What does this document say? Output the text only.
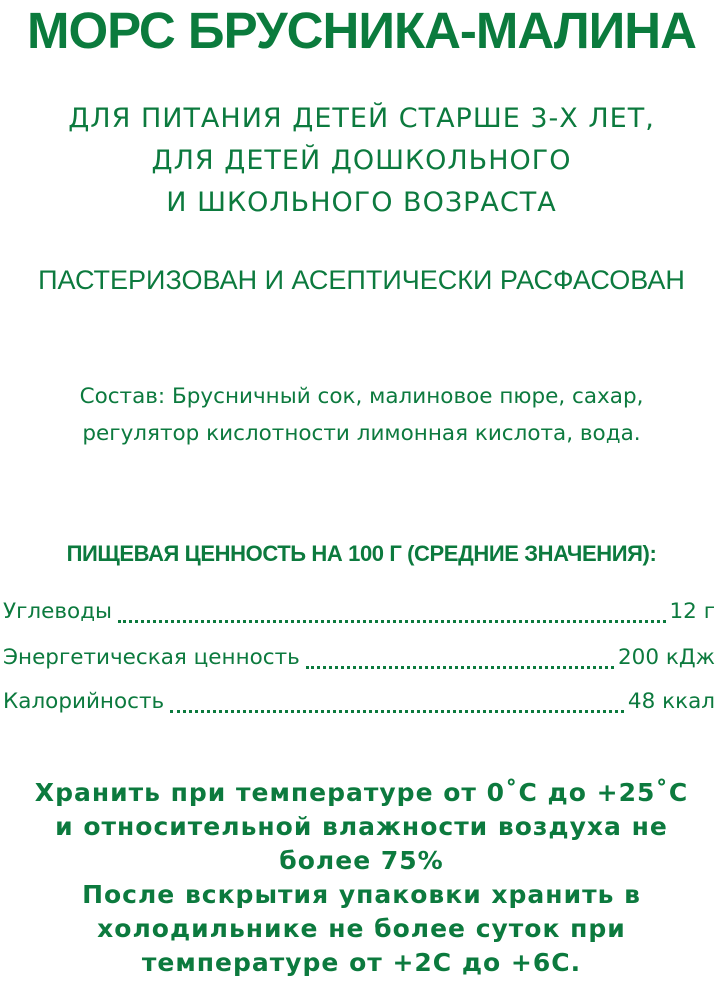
МОРС БРУСНИКА-МАЛИНА
ДЛЯ ПИТАНИЯ ДЕТЕЙ СТАРШЕ 3-Х ЛЕТ,
ДЛЯ ДЕТЕЙ ДОШКОЛЬНОГО
И ШКОЛЬНОГО ВОЗРАСТА
ПАСТЕРИЗОВАН И АСЕПТИЧЕСКИ РАСФАСОВАН
Состав: Брусничный сок, малиновое пюре, сахар,
регулятор кислотности лимонная кислота, вода.
ПИЩЕВАЯ ЦЕННОСТЬ НА 100 Г (СРЕДНИЕ ЗНАЧЕНИЯ):
Углеводы	12 г
Энергетическая ценность	200 кДж
Калорийность	48 ккал
Хранить при температуре от 0˚С до +25˚С
и относительной влажности воздуха не
более 75%
После вскрытия упаковки хранить в
холодильнике не более суток при
температуре от +2С до +6С.
